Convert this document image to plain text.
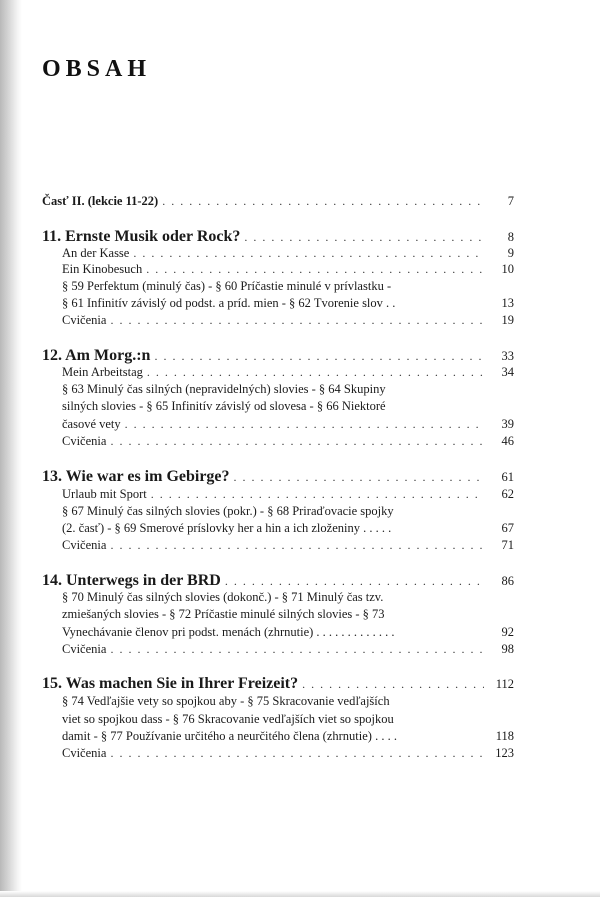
OBSAH
Časť II. (lekcie 11-22) . . .	7
11. Ernste Musik oder Rock? . . .	8
An der Kasse . . .	9
Ein Kinobesuch . . .	10
§ 59 Perfektum (minulý čas) - § 60 Príčastie minulé v prívlastku -
§ 61 Infinitív závislý od podst. a príd. mien - § 62 Tvorenie slov . .	13
Cvičenia . . .	19
12. Am Morg.:n . . .	33
Mein Arbeitstag . . .	34
§ 63 Minulý čas silných (nepravidelných) slovies - § 64 Skupiny
silných slovies - § 65 Infinitív závislý od slovesa - § 66 Niektoré
časové vety . . .	39
Cvičenia . . .	46
13. Wie war es im Gebirge? . . .	61
Urlaub mit Sport . . .	62
§ 67 Minulý čas silných slovies (pokr.) - § 68 Priraďovacie spojky
(2. časť) - § 69 Smerové príslovky her a hin a ich zloženiny . . . . .	67
Cvičenia . . .	71
14. Unterwegs in der BRD . . .	86
§ 70 Minulý čas silných slovies (dokonč.) - § 71 Minulý čas tzv.
zmiešaných slovies - § 72 Príčastie minulé silných slovies - § 73
Vynechávanie členov pri podst. menách (zhrnutie) . . . . . . . . . . . . .	92
Cvičenia . . .	98
15. Was machen Sie in Ihrer Freizeit? . . .	112
§ 74 Vedľajšie vety so spojkou aby - § 75 Skracovanie vedľajších
viet so spojkou dass - § 76 Skracovanie vedľajších viet so spojkou
damit - § 77 Používanie určitého a neurčitého člena (zhrnutie) . . . .	118
Cvičenia . . .	123
